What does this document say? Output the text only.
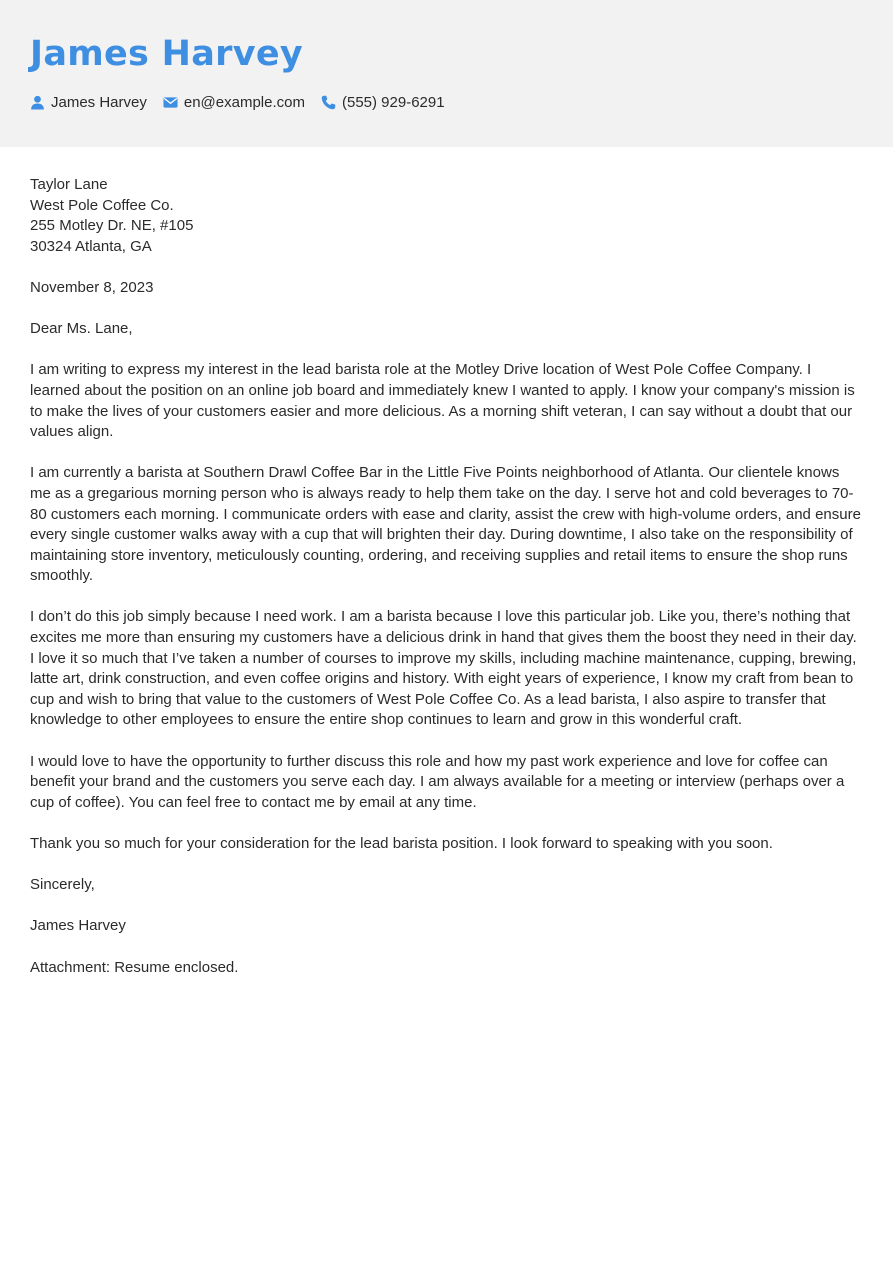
James Harvey
James Harvey en@example.com (555) 929-6291

Taylor Lane
West Pole Coffee Co.
255 Motley Dr. NE, #105
30324 Atlanta, GA

November 8, 2023

Dear Ms. Lane,

I am writing to express my interest in the lead barista role at the Motley Drive location of West Pole Coffee Company. I learned about the position on an online job board and immediately knew I wanted to apply. I know your company's mission is to make the lives of your customers easier and more delicious. As a morning shift veteran, I can say without a doubt that our values align.

I am currently a barista at Southern Drawl Coffee Bar in the Little Five Points neighborhood of Atlanta. Our clientele knows me as a gregarious morning person who is always ready to help them take on the day. I serve hot and cold beverages to 70-80 customers each morning. I communicate orders with ease and clarity, assist the crew with high-volume orders, and ensure every single customer walks away with a cup that will brighten their day. During downtime, I also take on the responsibility of maintaining store inventory, meticulously counting, ordering, and receiving supplies and retail items to ensure the shop runs smoothly.

I don’t do this job simply because I need work. I am a barista because I love this particular job. Like you, there’s nothing that excites me more than ensuring my customers have a delicious drink in hand that gives them the boost they need in their day. I love it so much that I’ve taken a number of courses to improve my skills, including machine maintenance, cupping, brewing, latte art, drink construction, and even coffee origins and history. With eight years of experience, I know my craft from bean to cup and wish to bring that value to the customers of West Pole Coffee Co. As a lead barista, I also aspire to transfer that knowledge to other employees to ensure the entire shop continues to learn and grow in this wonderful craft.

I would love to have the opportunity to further discuss this role and how my past work experience and love for coffee can benefit your brand and the customers you serve each day. I am always available for a meeting or interview (perhaps over a cup of coffee). You can feel free to contact me by email at any time.

Thank you so much for your consideration for the lead barista position. I look forward to speaking with you soon.

Sincerely,

James Harvey

Attachment: Resume enclosed.
